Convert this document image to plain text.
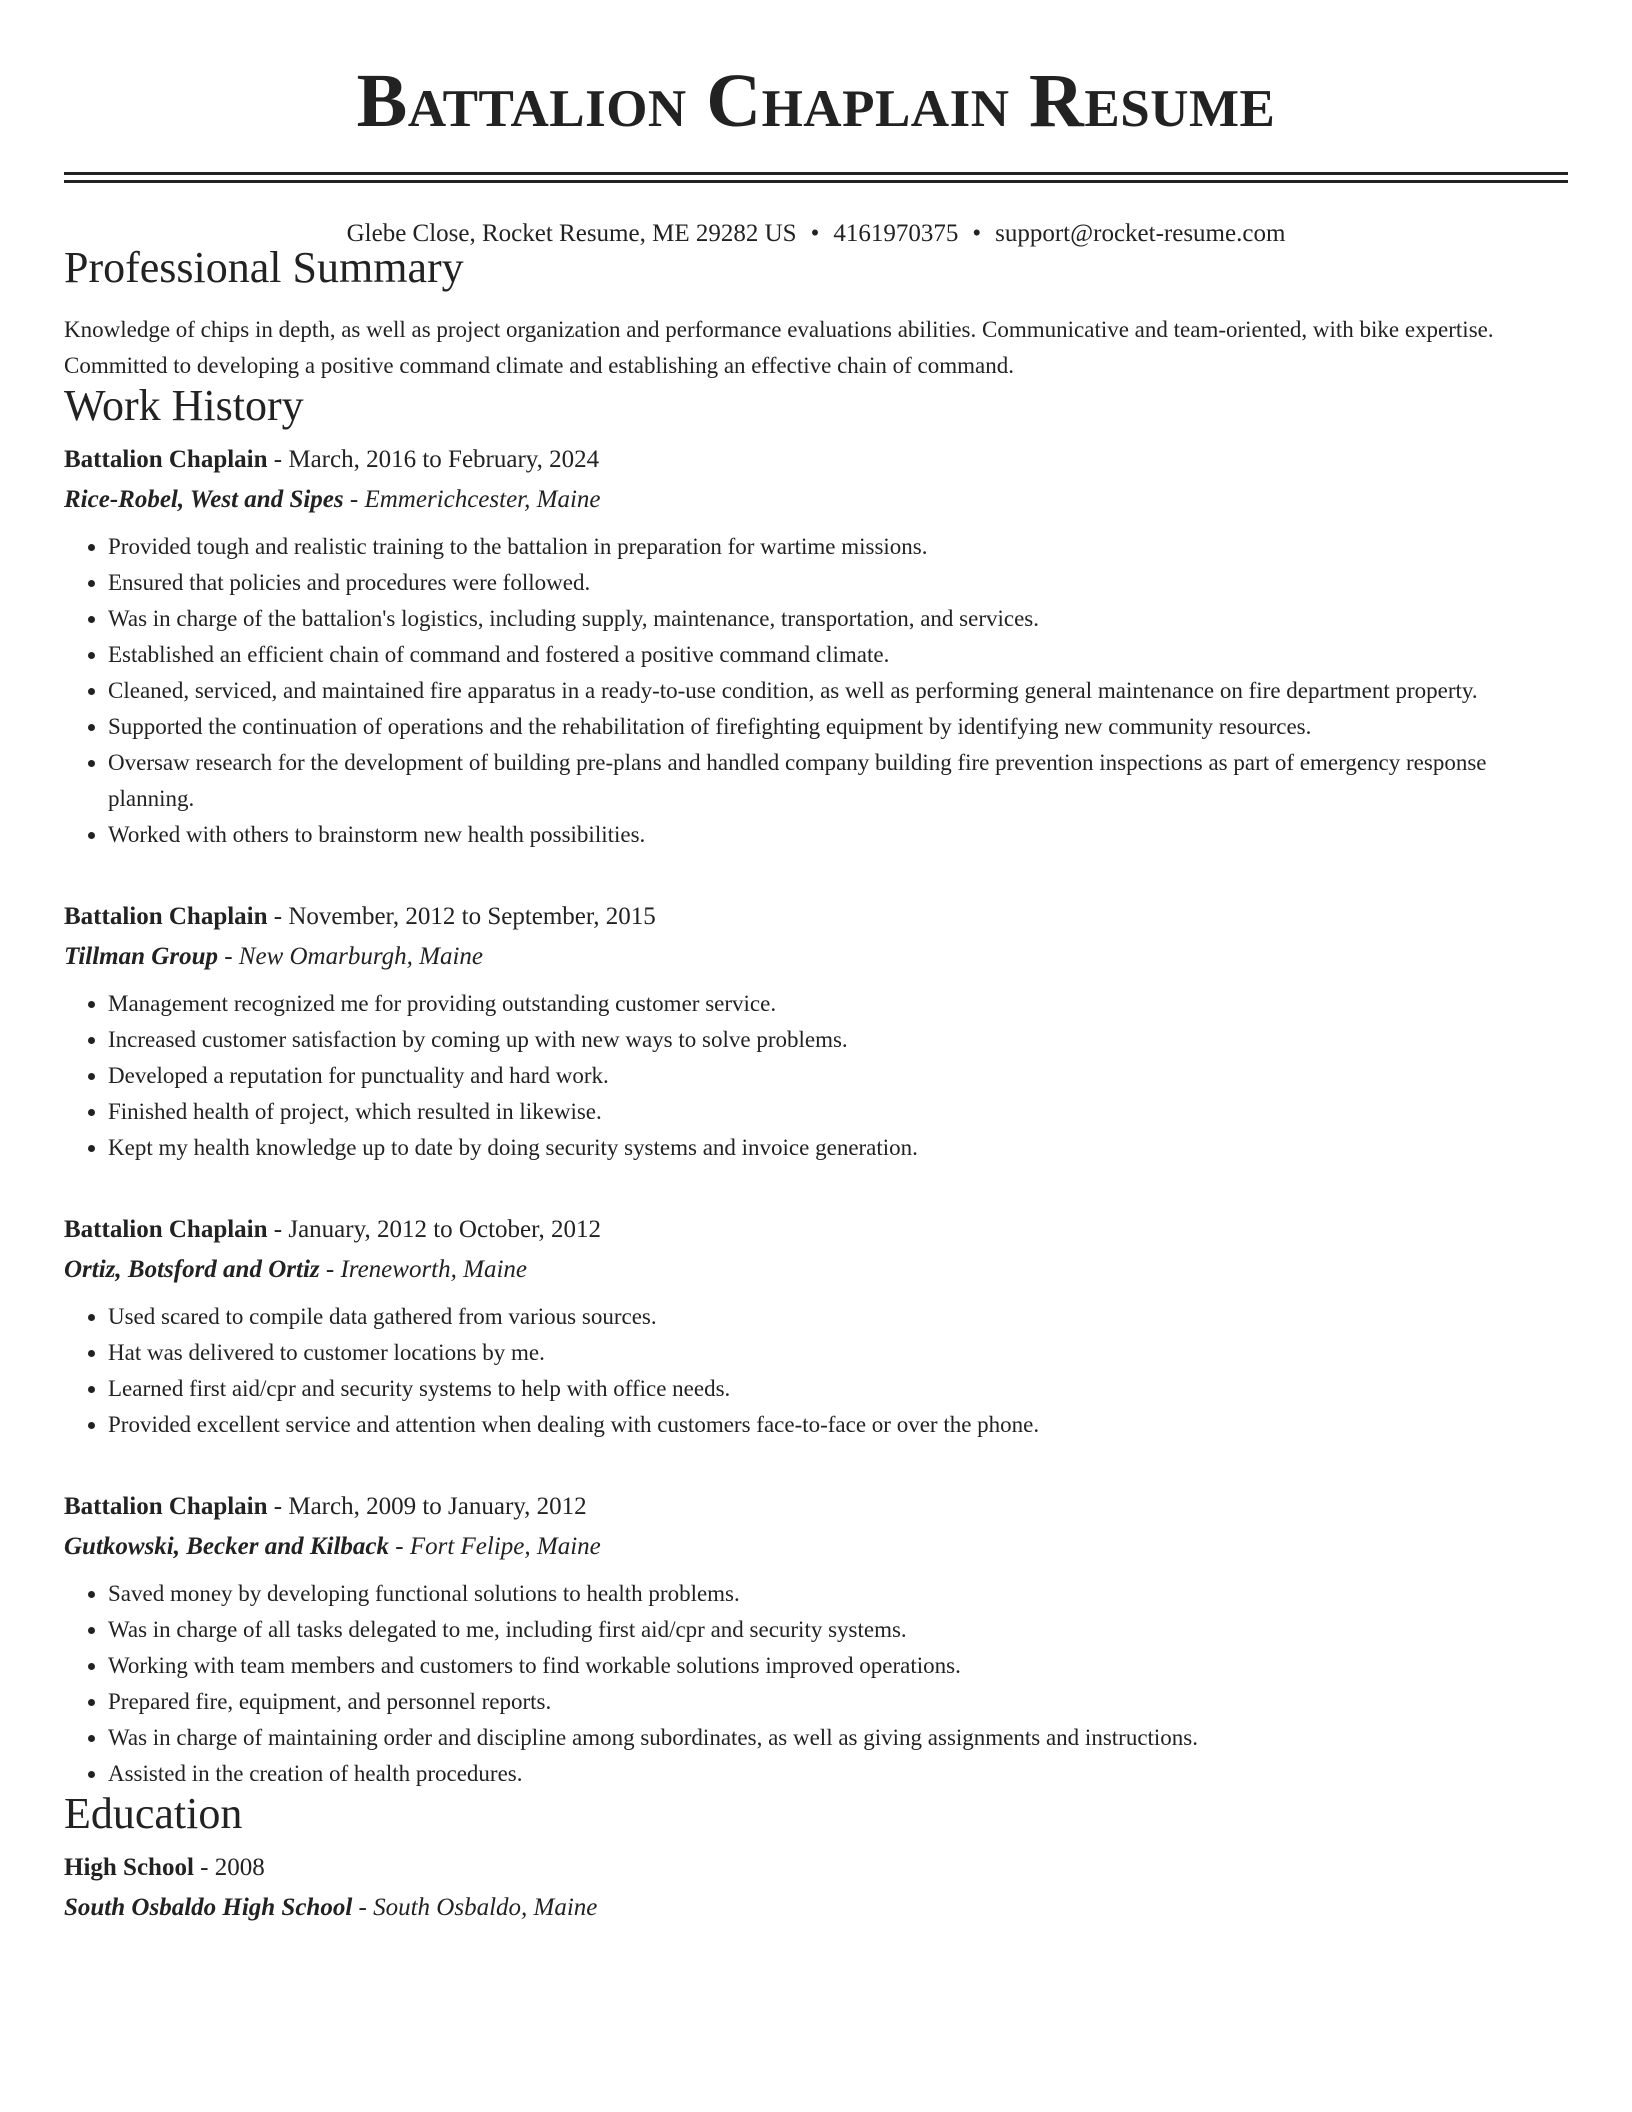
Battalion Chaplain Resume
Glebe Close, Rocket Resume, ME 29282 US • 4161970375 • support@rocket-resume.com
Professional Summary
Knowledge of chips in depth, as well as project organization and performance evaluations abilities. Communicative and team-oriented, with bike expertise. Committed to developing a positive command climate and establishing an effective chain of command.
Work History
Battalion Chaplain - March, 2016 to February, 2024
Rice-Robel, West and Sipes - Emmerichcester, Maine
• Provided tough and realistic training to the battalion in preparation for wartime missions.
• Ensured that policies and procedures were followed.
• Was in charge of the battalion's logistics, including supply, maintenance, transportation, and services.
• Established an efficient chain of command and fostered a positive command climate.
• Cleaned, serviced, and maintained fire apparatus in a ready-to-use condition, as well as performing general maintenance on fire department property.
• Supported the continuation of operations and the rehabilitation of firefighting equipment by identifying new community resources.
• Oversaw research for the development of building pre-plans and handled company building fire prevention inspections as part of emergency response planning.
• Worked with others to brainstorm new health possibilities.
Battalion Chaplain - November, 2012 to September, 2015
Tillman Group - New Omarburgh, Maine
• Management recognized me for providing outstanding customer service.
• Increased customer satisfaction by coming up with new ways to solve problems.
• Developed a reputation for punctuality and hard work.
• Finished health of project, which resulted in likewise.
• Kept my health knowledge up to date by doing security systems and invoice generation.
Battalion Chaplain - January, 2012 to October, 2012
Ortiz, Botsford and Ortiz - Ireneworth, Maine
• Used scared to compile data gathered from various sources.
• Hat was delivered to customer locations by me.
• Learned first aid/cpr and security systems to help with office needs.
• Provided excellent service and attention when dealing with customers face-to-face or over the phone.
Battalion Chaplain - March, 2009 to January, 2012
Gutkowski, Becker and Kilback - Fort Felipe, Maine
• Saved money by developing functional solutions to health problems.
• Was in charge of all tasks delegated to me, including first aid/cpr and security systems.
• Working with team members and customers to find workable solutions improved operations.
• Prepared fire, equipment, and personnel reports.
• Was in charge of maintaining order and discipline among subordinates, as well as giving assignments and instructions.
• Assisted in the creation of health procedures.
Education
High School - 2008
South Osbaldo High School - South Osbaldo, Maine
